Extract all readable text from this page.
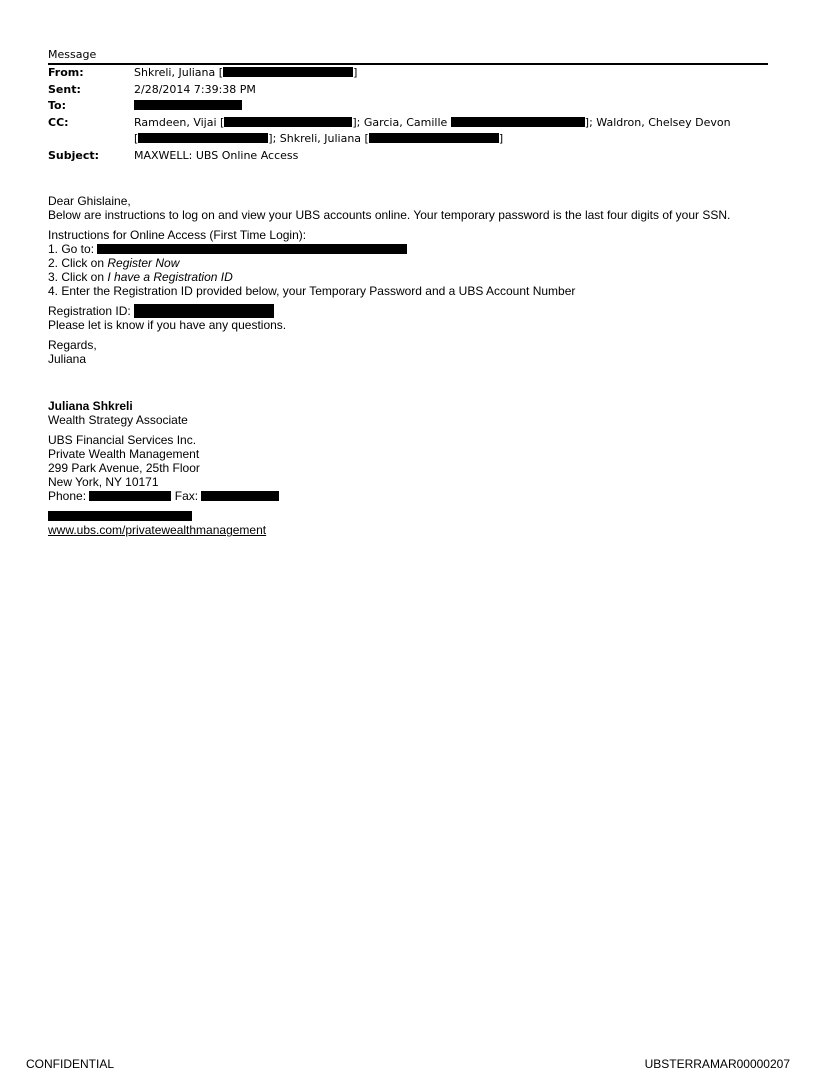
Message
From:	Shkreli, Juliana [	]
Sent:	2/28/2014 7:39:38 PM
To:
CC:	Ramdeen, Vijai [	]; Garcia, Camille	]; Waldron, Chelsey Devon
[	]; Shkreli, Juliana [	]
Subject:	MAXWELL: UBS Online Access
Dear Ghislaine,
Below are instructions to log on and view your UBS accounts online. Your temporary password is the last four digits of your SSN.
Instructions for Online Access (First Time Login):
1. Go to:
2. Click on Register Now
3. Click on I have a Registration ID
4. Enter the Registration ID provided below, your Temporary Password and a UBS Account Number
Registration ID:
Please let is know if you have any questions.
Regards,
Juliana
Juliana Shkreli
Wealth Strategy Associate
UBS Financial Services Inc.
Private Wealth Management
299 Park Avenue, 25th Floor
New York, NY 10171
Phone:	Fax:
www.ubs.com/privatewealthmanagement
CONFIDENTIAL	UBSTERRAMAR00000207
